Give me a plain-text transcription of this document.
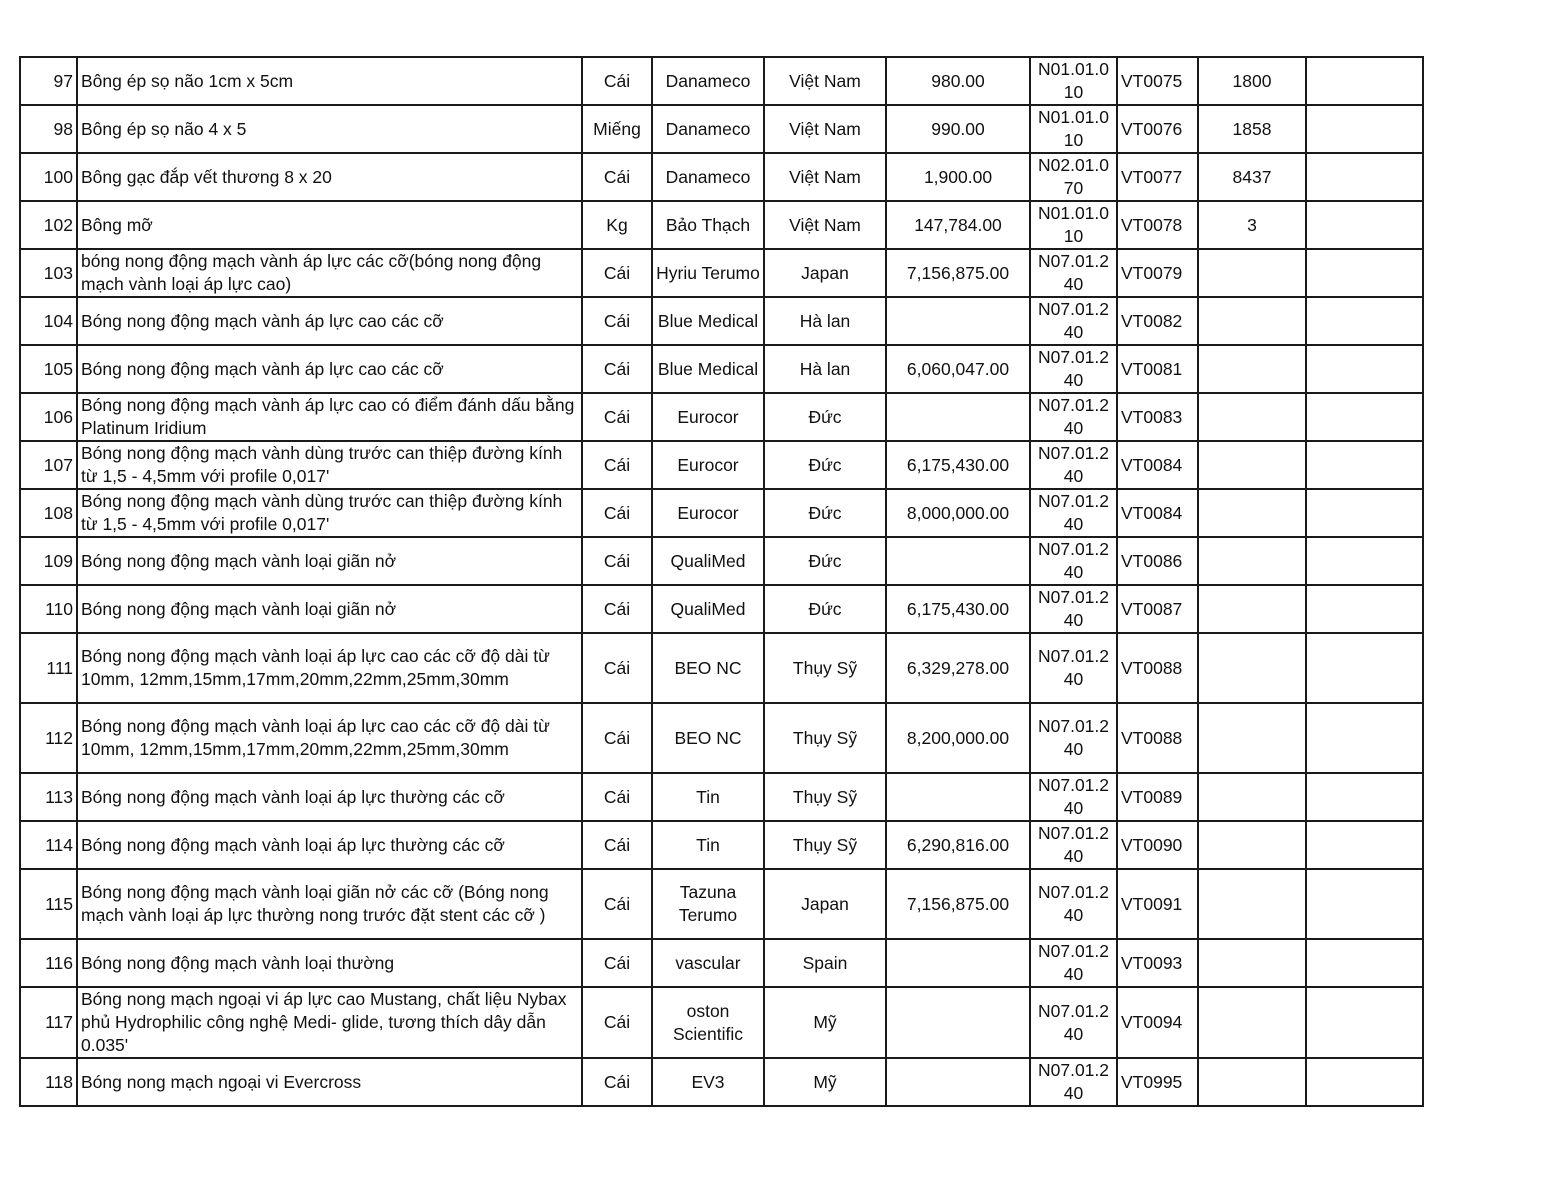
97	Bông ép sọ não 1cm x 5cm	Cái	Danameco	Việt Nam	980.00	N01.01.010	VT0075	1800	
98	Bông ép sọ não 4 x 5	Miếng	Danameco	Việt Nam	990.00	N01.01.010	VT0076	1858	
100	Bông gạc đắp vết thương 8 x 20	Cái	Danameco	Việt Nam	1,900.00	N02.01.070	VT0077	8437	
102	Bông mỡ	Kg	Bảo Thạch	Việt Nam	147,784.00	N01.01.010	VT0078	3	
103	bóng nong động mạch vành áp lực các cỡ(bóng nong động mạch vành loại áp lực cao)	Cái	Hyriu Terumo	Japan	7,156,875.00	N07.01.240	VT0079		
104	Bóng nong động mạch vành áp lực cao các cỡ	Cái	Blue Medical	Hà lan		N07.01.240	VT0082		
105	Bóng nong động mạch vành áp lực cao các cỡ	Cái	Blue Medical	Hà lan	6,060,047.00	N07.01.240	VT0081		
106	Bóng nong động mạch vành áp lực cao có điểm đánh dấu bằng Platinum Iridium	Cái	Eurocor	Đức		N07.01.240	VT0083		
107	Bóng nong động mạch vành dùng trước can thiệp đường kính từ 1,5 - 4,5mm với profile 0,017'	Cái	Eurocor	Đức	6,175,430.00	N07.01.240	VT0084		
108	Bóng nong động mạch vành dùng trước can thiệp đường kính từ 1,5 - 4,5mm với profile 0,017'	Cái	Eurocor	Đức	8,000,000.00	N07.01.240	VT0084		
109	Bóng nong động mạch vành loại giãn nở	Cái	QualiMed	Đức		N07.01.240	VT0086		
110	Bóng nong động mạch vành loại giãn nở	Cái	QualiMed	Đức	6,175,430.00	N07.01.240	VT0087		
111	Bóng nong động mạch vành loại áp lực cao các cỡ độ dài từ 10mm, 12mm,15mm,17mm,20mm,22mm,25mm,30mm	Cái	BEO NC	Thụy Sỹ	6,329,278.00	N07.01.240	VT0088		
112	Bóng nong động mạch vành loại áp lực cao các cỡ độ dài từ 10mm, 12mm,15mm,17mm,20mm,22mm,25mm,30mm	Cái	BEO NC	Thụy Sỹ	8,200,000.00	N07.01.240	VT0088		
113	Bóng nong động mạch vành loại áp lực thường các cỡ	Cái	Tin	Thụy Sỹ		N07.01.240	VT0089		
114	Bóng nong động mạch vành loại áp lực thường các cỡ	Cái	Tin	Thụy Sỹ	6,290,816.00	N07.01.240	VT0090		
115	Bóng nong động mạch vành loại giãn nở các cỡ (Bóng nong mạch vành loại áp lực thường nong trước đặt stent các cỡ )	Cái	Tazuna Terumo	Japan	7,156,875.00	N07.01.240	VT0091		
116	Bóng nong động mạch vành loại thường	Cái	vascular	Spain		N07.01.240	VT0093		
117	Bóng nong mạch ngoại vi áp lực cao Mustang, chất liệu Nybax phủ Hydrophilic công nghệ Medi- glide, tương thích dây dẫn 0.035'	Cái	oston Scientific	Mỹ		N07.01.240	VT0094		
118	Bóng nong mạch ngoại vi Evercross	Cái	EV3	Mỹ		N07.01.240	VT0995		
